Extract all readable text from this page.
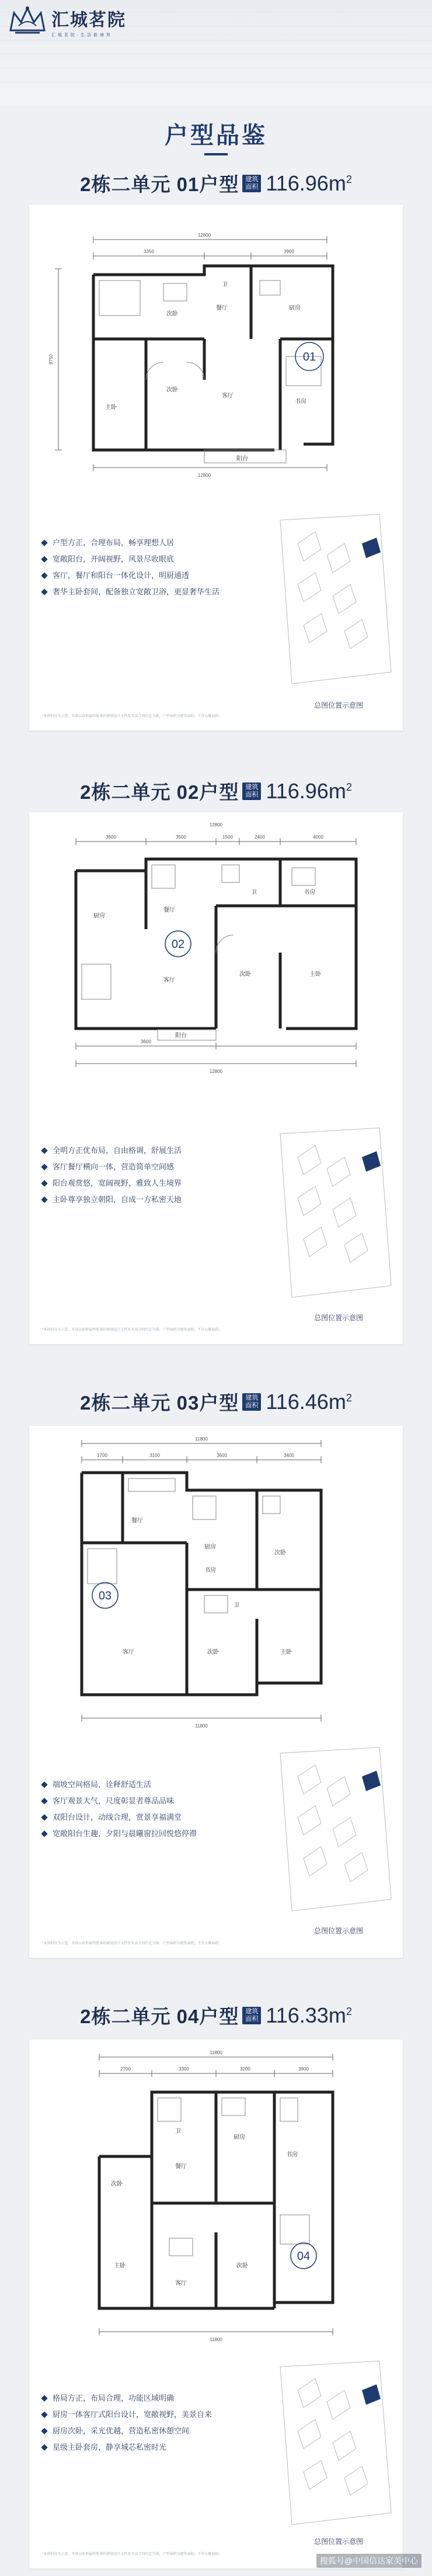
汇城茗院
汇 城 茗 院 · 生 活 新 境 界
户型品鉴
2栋二单元 01户型 建筑
面积 $116.96m^2$
12800
3350	3900
9750
12800
主卧
次卧
客厅
餐厅	厨房
卫
书房
阳台
次卧
01
户型方正，合理布局，畅享理想人居
宽敞阳台，开阔视野，风景尽收眼底
客厅，餐厅和阳台一体化设计，明厨通透
奢华主卧套间，配备独立宽敞卫浴，更显奢华生活
总图位置示意图
*本资料仅为示意，具体以政府最终批准的规划设计文件及买卖合同约定为准，户型面积为建筑面积，不含公摊面积。
2栋二单元 02户型 建筑
面积 $116.96m^2$
3600	3500	1500	2400	4000
12800
3600
12800
餐厅
客厅
主卧
次卧
厨房
卫	书房
阳台
02
全明方正优布局，自由格调，舒展生活
客厅餐厅横向一体，营造简单空间感
阳台观赏悠，宽阔视野，雅致人生境界
主卧尊享独立朝阳，自成一方私密天地
总图位置示意图
*本资料仅为示意，具体以政府最终批准的规划设计文件及买卖合同约定为准，户型面积为建筑面积，不含公摊面积。
2栋二单元 03户型 建筑
面积 $116.46m^2$
11800
1700	3100	3600	3400
11800
餐厅
客厅	主卧
次卧
次卧
厨房
卫
书房
03
端坡空间格局，诠释舒适生活
客厅观景大气，尺度彰显者尊品品味
双阳台设计，动线合理，赏景享福满堂
宽敞阳台生趣，夕阳与晨曦窗拉回悦悠停滞
总图位置示意图
*本资料仅为示意，具体以政府最终批准的规划设计文件及买卖合同约定为准，户型面积为建筑面积，不含公摊面积。
2栋二单元 04户型 建筑
面积 $116.33m^2$
11800
2700	3300	3200	3900
11800
主卧	次卧
客厅
餐厅
厨房
卫
书房
次卧
04
格局方正，布局合理，功能区域明确
厨房一体客厅式阳台设计，宽敞视野，美景自来
厨房次卧，采光优越，营造私密休憩空间
星级主卧套房，静享城芯私密时光
总图位置示意图
*本资料仅为示意，具体以政府最终批准的规划设计文件及买卖合同约定为准，户型面积为建筑面积，不含公摊面积。
搜狐号@中国信达家美中心
